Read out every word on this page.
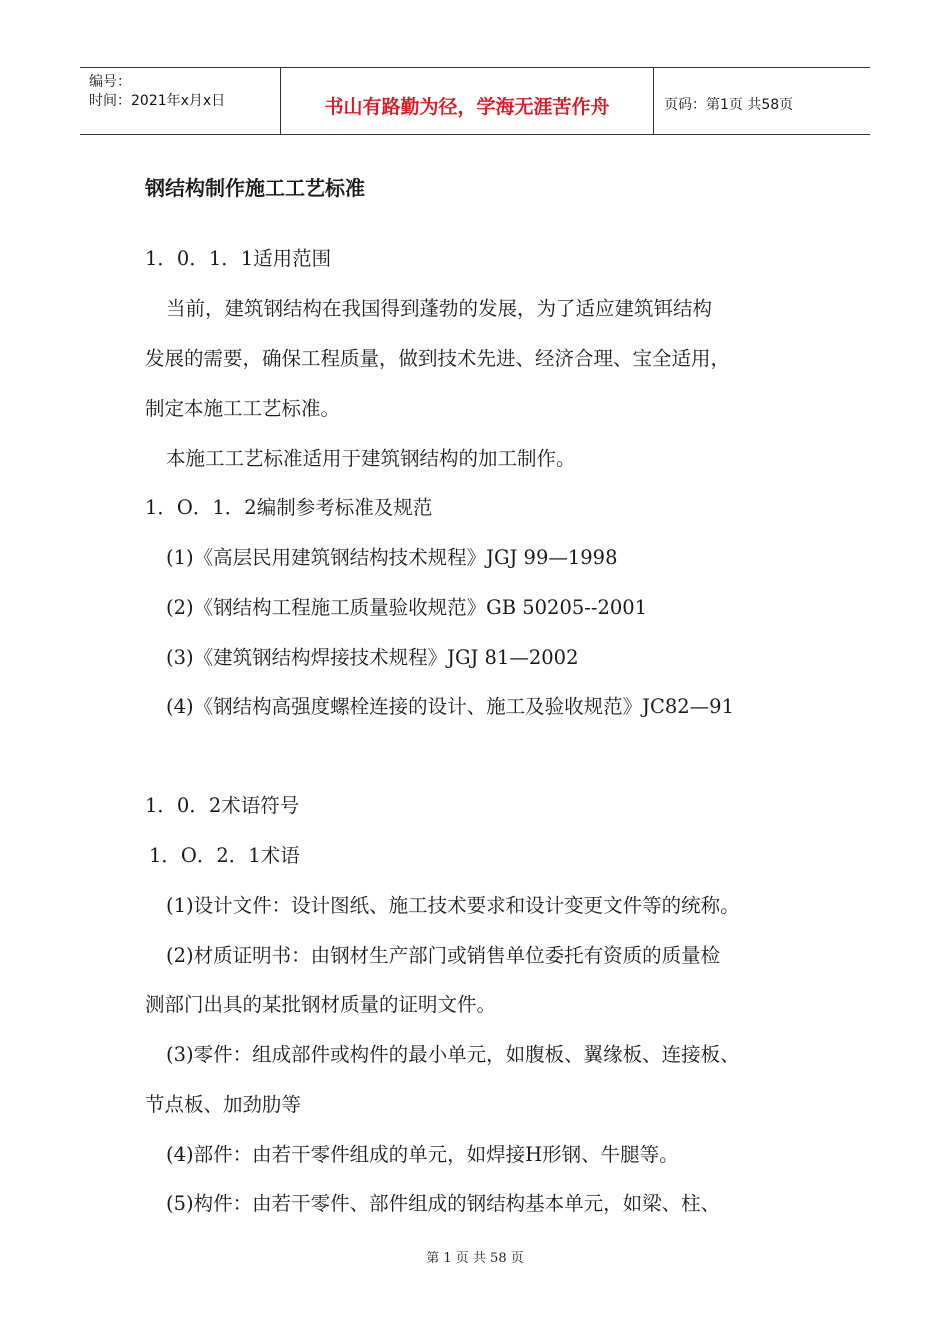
编号：
时间：2021年x月x日	书山有路勤为径，学海无涯苦作舟	页码：第1页 共58页
钢结构制作施工工艺标准
1．0．1．1适用范围
当前，建筑钢结构在我国得到蓬勃的发展，为了适应建筑铒结构
发展的需要，确保工程质量，做到技术先进、经济合理、宝全适用，
制定本施工工艺标准。
本施工工艺标准适用于建筑钢结构的加工制作。
1．O．1．2编制参考标准及规范
(1)《高层民用建筑钢结构技术规程》JGJ 99—1998
(2)《钢结构工程施工质量验收规范》GB 50205--2001
(3)《建筑钢结构焊接技术规程》JGJ 81—2002
(4)《钢结构高强度螺栓连接的设计、施工及验收规范》JC82—91
1．0．2术语符号
1．O．2．1术语
(1)设计文件：设计图纸、施工技术要求和设计变更文件等的统称。
(2)材质证明书：由钢材生产部门或销售单位委托有资质的质量检
测部门出具的某批钢材质量的证明文件。
(3)零件：组成部件或构件的最小单元，如腹板、翼缘板、连接板、
节点板、加劲肋等
(4)部件：由若干零件组成的单元，如焊接H形钢、牛腿等。
(5)构件：由若干零件、部件组成的钢结构基本单元，如梁、柱、
第 1 页 共 58 页
